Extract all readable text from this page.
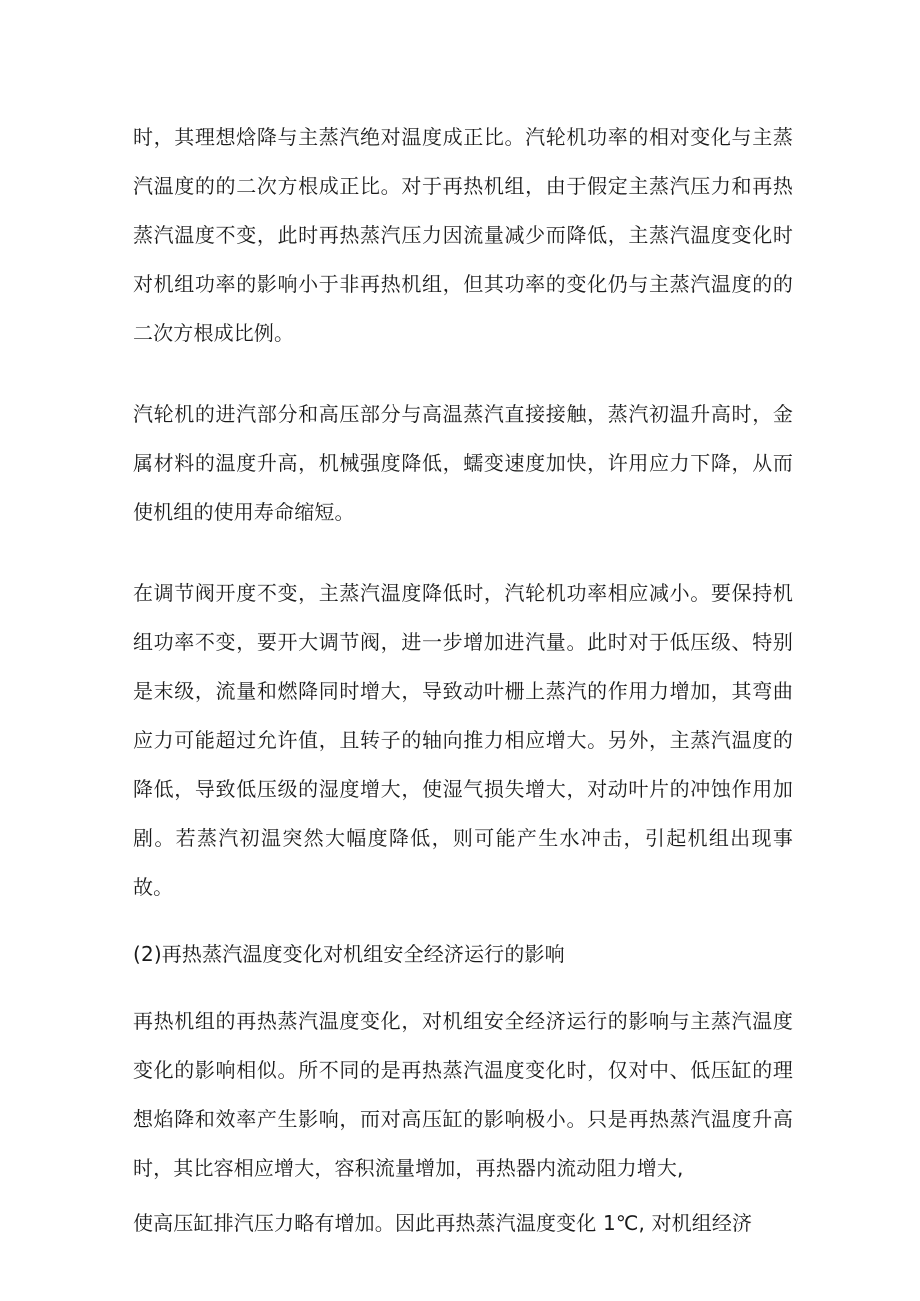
时，其理想焓降与主蒸汽绝对温度成正比。汽轮机功率的相对变化与主蒸汽温度的的二次方根成正比。对于再热机组，由于假定主蒸汽压力和再热蒸汽温度不变，此时再热蒸汽压力因流量减少而降低，主蒸汽温度变化时对机组功率的影响小于非再热机组，但其功率的变化仍与主蒸汽温度的的二次方根成比例。

汽轮机的进汽部分和高压部分与高温蒸汽直接接触，蒸汽初温升高时，金属材料的温度升高，机械强度降低，蠕变速度加快，许用应力下降，从而使机组的使用寿命缩短。

在调节阀开度不变，主蒸汽温度降低时，汽轮机功率相应减小。要保持机组功率不变，要开大调节阀，进一步增加进汽量。此时对于低压级、特别是末级，流量和燃降同时增大，导致动叶栅上蒸汽的作用力增加，其弯曲应力可能超过允许值，且转子的轴向推力相应增大。另外，主蒸汽温度的降低，导致低压级的湿度增大，使湿气损失增大，对动叶片的冲蚀作用加剧。若蒸汽初温突然大幅度降低，则可能产生水冲击，引起机组出现事故。

(2)再热蒸汽温度变化对机组安全经济运行的影响

再热机组的再热蒸汽温度变化，对机组安全经济运行的影响与主蒸汽温度变化的影响相似。所不同的是再热蒸汽温度变化时，仅对中、低压缸的理想焰降和效率产生影响，而对高压缸的影响极小。只是再热蒸汽温度升高时，其比容相应增大，容积流量增加，再热器内流动阻力增大,

使高压缸排汽压力略有增加。因此再热蒸汽温度变化 1℃, 对机组经济
